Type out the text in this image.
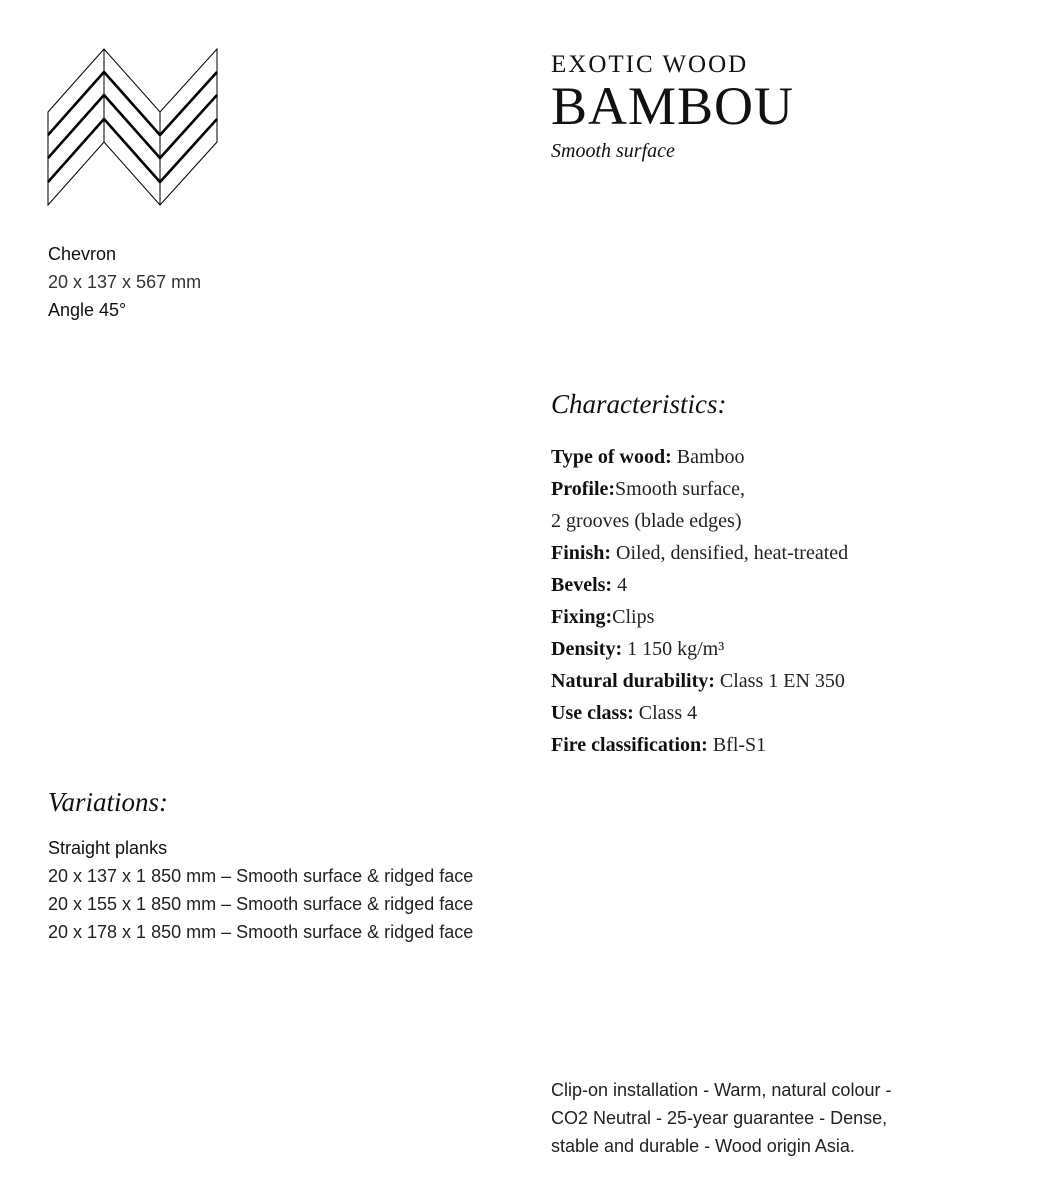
Chevron
20 x 137 x 567 mm
Angle 45°
EXOTIC WOOD
BAMBOU
Smooth surface
Characteristics:
Type of wood: Bamboo
Profile:Smooth surface,
2 grooves (blade edges)
Finish: Oiled, densified, heat-treated
Bevels: 4
Fixing:Clips
Density: 1 150 kg/m³
Natural durability: Class 1 EN 350
Use class: Class 4
Fire classification: Bfl-S1
Variations:
Straight planks
20 x 137 x 1 850 mm – Smooth surface & ridged face
20 x 155 x 1 850 mm – Smooth surface & ridged face
20 x 178 x 1 850 mm – Smooth surface & ridged face
Clip-on installation - Warm, natural colour - CO2 Neutral - 25-year guarantee - Dense, stable and durable - Wood origin Asia.
